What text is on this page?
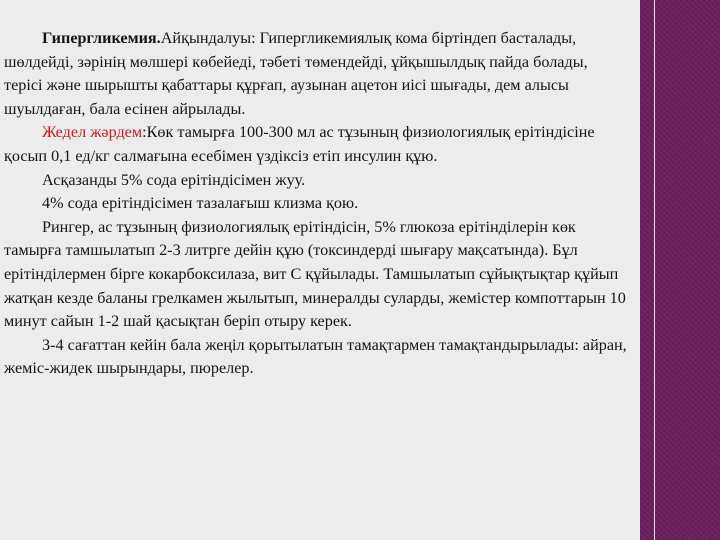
Гипергликемия.Айқындалуы: Гипергликемиялық кома біртіндеп басталады, шөлдейді, зәрінің мөлшері көбейеді, тәбеті төмендейді, ұйқышылдық пайда болады, терісі және шырышты қабаттары құрғап, аузынан ацетон иісі шығады, дем алысы шуылдаған, бала есінен айрылады.

Жедел жәрдем:Көк тамырға 100-300 мл ас тұзының физиологиялық ерітіндісіне қосып 0,1 ед/кг салмағына есебімен үздіксіз етіп инсулин құю.

Асқазанды 5% сода ерітіндісімен жуу.

4% сода ерітіндісімен тазалағыш клизма қою.

Рингер, ас тұзының физиологиялық ерітіндісін, 5% глюкоза ерітінділерін көк тамырға тамшылатып 2-3 литрге дейін құю (токсиндерді шығару мақсатында). Бұл ерітінділермен бірге кокарбоксилаза, вит С құйылады. Тамшылатып сұйықтықтар құйып жатқан кезде баланы грелкамен жылытып, минералды суларды, жемістер компоттарын 10 минут сайын 1-2 шай қасықтан беріп отыру керек.

3-4 сағаттан кейін бала жеңіл қорытылатын тамақтармен тамақтандырылады: айран, жеміс-жидек шырындары, пюрелер.
